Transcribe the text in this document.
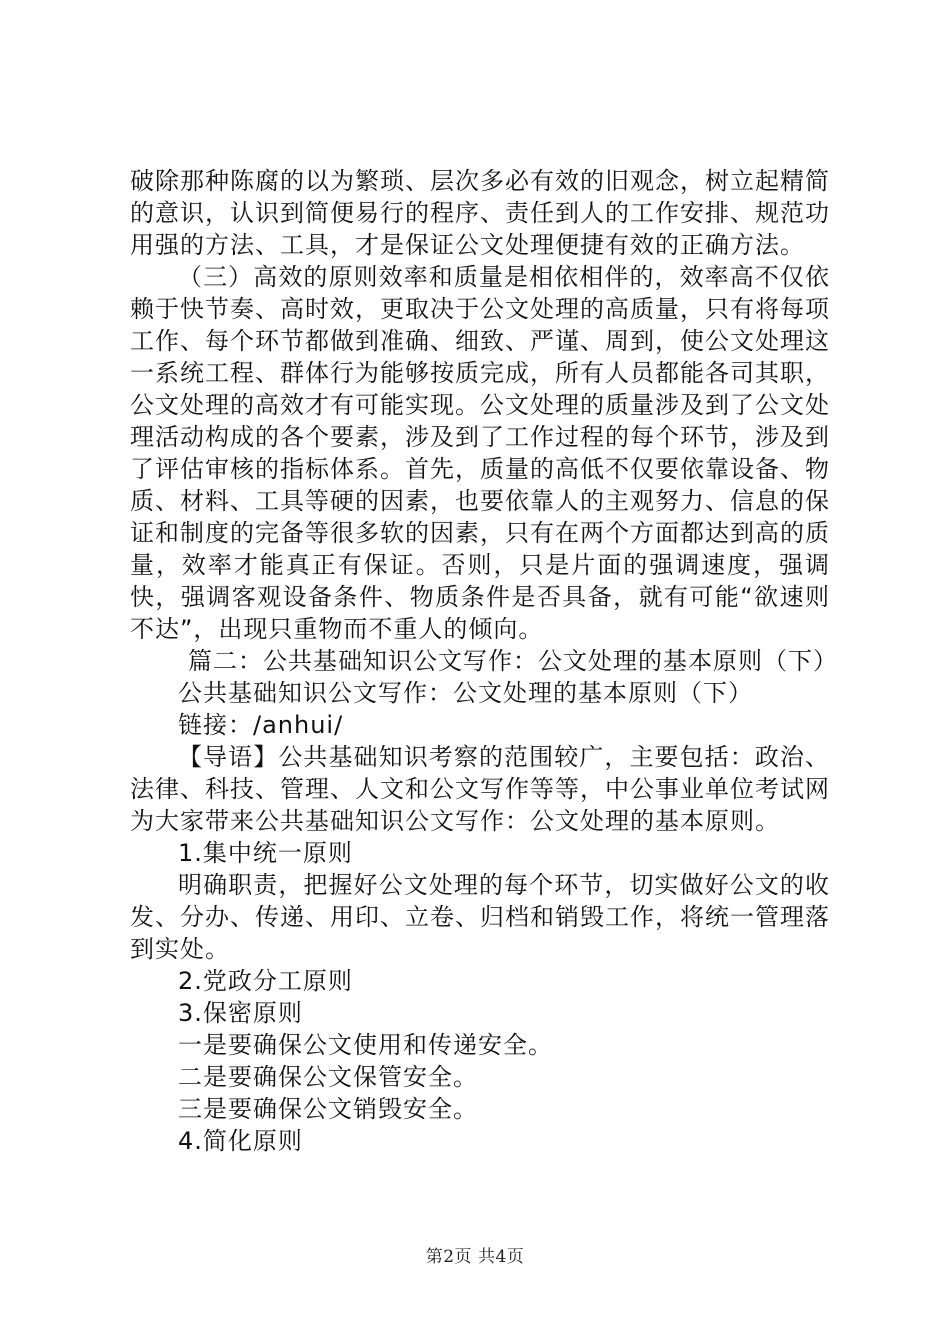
破除那种陈腐的以为繁琐、层次多必有效的旧观念，树立起精简的意识，认识到简便易行的程序、责任到人的工作安排、规范功用强的方法、工具，才是保证公文处理便捷有效的正确方法。

（三）高效的原则效率和质量是相依相伴的，效率高不仅依赖于快节奏、高时效，更取决于公文处理的高质量，只有将每项工作、每个环节都做到准确、细致、严谨、周到，使公文处理这一系统工程、群体行为能够按质完成，所有人员都能各司其职，公文处理的高效才有可能实现。公文处理的质量涉及到了公文处理活动构成的各个要素，涉及到了工作过程的每个环节，涉及到了评估审核的指标体系。首先，质量的高低不仅要依靠设备、物质、材料、工具等硬的因素，也要依靠人的主观努力、信息的保证和制度的完备等很多软的因素，只有在两个方面都达到高的质量，效率才能真正有保证。否则，只是片面的强调速度，强调快，强调客观设备条件、物质条件是否具备，就有可能“欲速则不达”，出现只重物而不重人的倾向。

篇二：公共基础知识公文写作：公文处理的基本原则（下）

公共基础知识公文写作：公文处理的基本原则（下）

链接：/anhui/

【导语】公共基础知识考察的范围较广，主要包括：政治、法律、科技、管理、人文和公文写作等等，中公事业单位考试网为大家带来公共基础知识公文写作：公文处理的基本原则。

1.集中统一原则

明确职责，把握好公文处理的每个环节，切实做好公文的收发、分办、传递、用印、立卷、归档和销毁工作，将统一管理落到实处。

2.党政分工原则

3.保密原则

一是要确保公文使用和传递安全。

二是要确保公文保管安全。

三是要确保公文销毁安全。

4.简化原则

第2页 共4页
